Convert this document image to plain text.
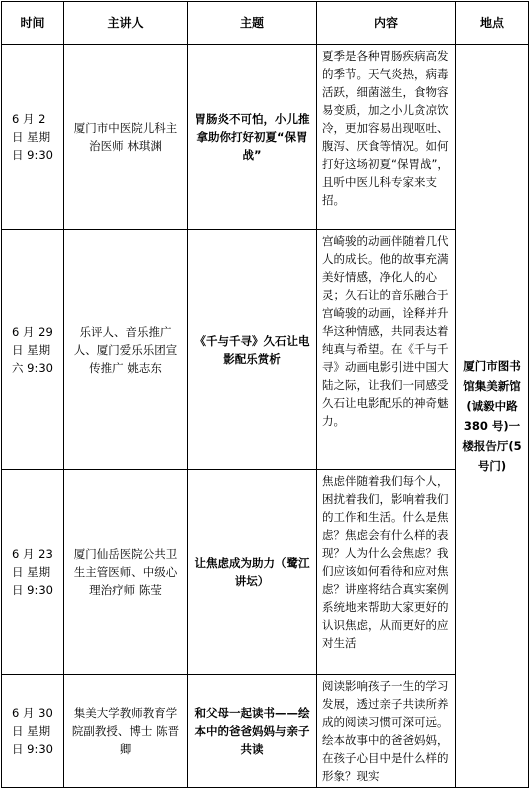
时间	主讲人	主题	内容	地点
6 月 2 日 星期日 9:30	厦门市中医院儿科主治医师 林琪渊	胃肠炎不可怕，小儿推拿助你打好初夏“保胃战”	夏季是各种胃肠疾病高发的季节。天气炎热，病毒活跃，细菌滋生，食物容易变质，加之小儿贪凉饮冷，更加容易出现呕吐、腹泻、厌食等情况。如何打好这场初夏“保胃战”，且听中医儿科专家来支招。	厦门市图书馆集美新馆(诚毅中路 380 号)一楼报告厅(5 号门)
6 月 29 日 星期六 9:30	乐评人、音乐推广人、厦门爱乐乐团宣传推广 姚志东	《千与千寻》久石让电影配乐赏析	宫崎骏的动画伴随着几代人的成长。他的故事充满美好情感，净化人的心灵；久石让的音乐融合于宫崎骏的动画，诠释并升华这种情感，共同表达着纯真与希望。在《千与千寻》动画电影引进中国大陆之际，让我们一同感受久石让电影配乐的神奇魅力。	
6 月 23 日 星期日 9:30	厦门仙岳医院公共卫生主管医师、中级心理治疗师 陈莹	让焦虑成为助力（鹭江讲坛）	焦虑伴随着我们每个人，困扰着我们，影响着我们的工作和生活。什么是焦虑？焦虑会有什么样的表现？人为什么会焦虑？我们应该如何看待和应对焦虑？讲座将结合真实案例系统地来帮助大家更好的认识焦虑，从而更好的应对生活	
6 月 30 日 星期日 9:30	集美大学教师教育学院副教授、博士 陈晋卿	和父母一起读书——绘本中的爸爸妈妈与亲子共读	阅读影响孩子一生的学习发展，透过亲子共读所养成的阅读习惯可深可远。绘本故事中的爸爸妈妈，在孩子心目中是什么样的形象？现实	
